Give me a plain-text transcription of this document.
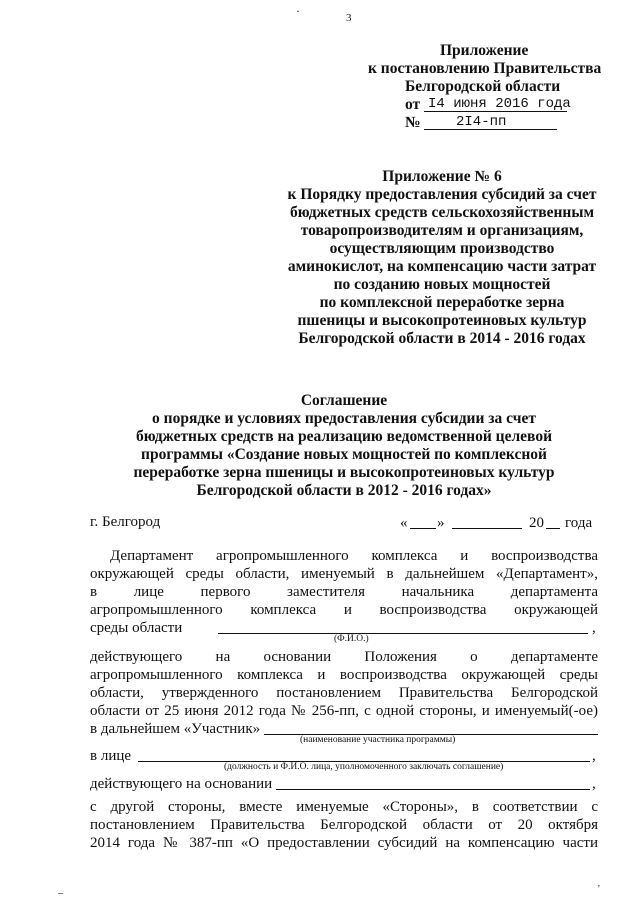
·	3
Приложение
к постановлению Правительства
Белгородской области
от I4 июня 2016 года
№	2I4-пп
Приложение № 6
к Порядку предоставления субсидий за счет
бюджетных средств сельскохозяйственным
товаропроизводителям и организациям,
осуществляющим производство
аминокислот, на компенсацию части затрат
по созданию новых мощностей
по комплексной переработке зерна
пшеницы и высокопротеиновых культур
Белгородской области в 2014 - 2016 годах
Соглашение
о порядке и условиях предоставления субсидии за счет
бюджетных средств на реализацию ведомственной целевой
программы «Создание новых мощностей по комплексной
переработке зерна пшеницы и высокопротеиновых культур
Белгородской области в 2012 - 2016 годах»
г. Белгород	« »	20 года
Департамент агропромышленного комплекса и воспроизводства
окружающей среды области, именуемый в дальнейшем «Департамент»,
в лице первого заместителя начальника департамента
агропромышленного комплекса и воспроизводства окружающей
среды области	,
(Ф.И.О.)
действующего на основании Положения о департаменте
агропромышленного комплекса и воспроизводства окружающей среды
области, утвержденного постановлением Правительства Белгородской
области от 25 июня 2012 года № 256-пп, с одной стороны, и именуемый(-ое)
в дальнейшем «Участник»
(наименование участника программы)
в лице	,
(должность и Ф.И.О. лица, уполномоченного заключать соглашение)
действующего на основании	,
с другой стороны, вместе именуемые «Стороны», в соответствии с
постановлением Правительства Белгородской области от 20 октября
2014 года № 387-пп «О предоставлении субсидий на компенсацию части
–	'
